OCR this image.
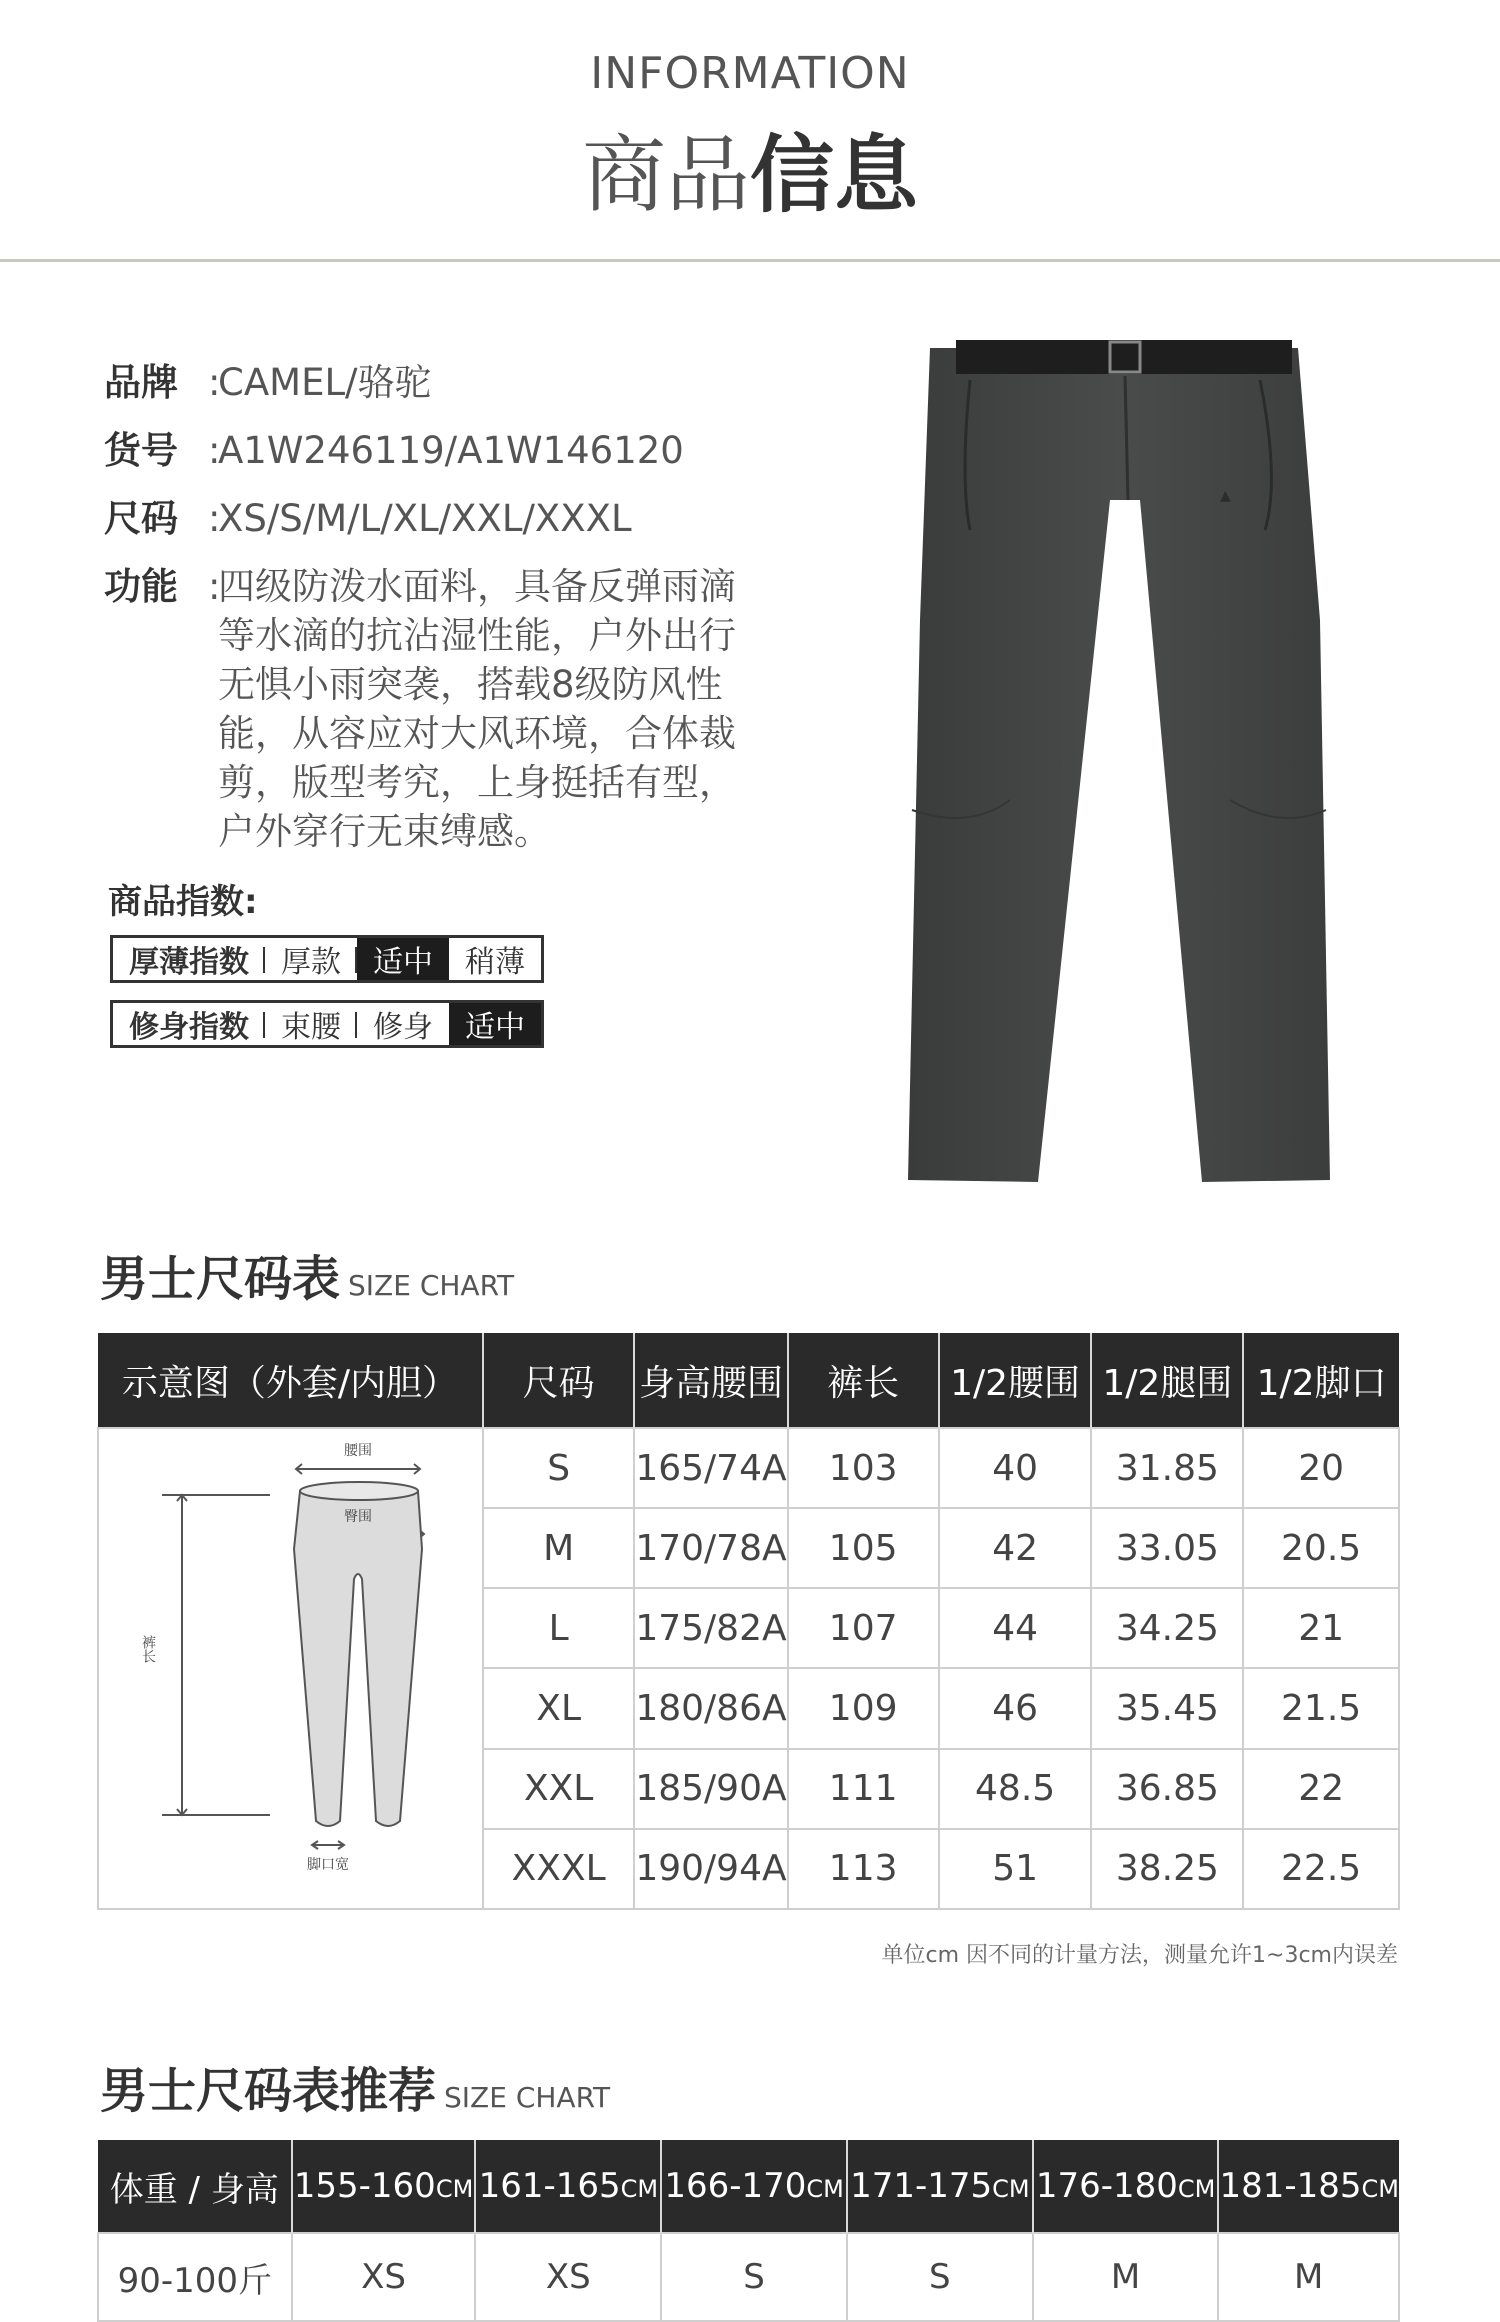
INFORMATION
商品信息
品牌 :
CAMEL/骆驼
货号 :
A1W246119/A1W146120
尺码 :
XS/S/M/L/XL/XXL/XXXL
功能 :
四级防泼水面料，具备反弹雨滴
等水滴的抗沾湿性能，户外出行
无惧小雨突袭，搭载8级防风性
能，从容应对大风环境，合体裁
剪，版型考究，上身挺括有型，
户外穿行无束缚感。
商品指数:
厚薄指数	厚款	适中	稍薄
修身指数	束腰	修身	适中
▲
男士尺码表 SIZE CHART
示意图（外套/内胆）	尺码	身高腰围	裤长	1/2腰围	1/2腿围	1/2脚口

腰围
臀围
裤长
脚口宽	S	165/74A	103	40	31.85	20
	M	170/78A	105	42	33.05	20.5
	L	175/82A	107	44	34.25	21
	XL	180/86A	109	46	35.45	21.5
	XXL	185/90A	111	48.5	36.85	22
	XXXL	190/94A	113	51	38.25	22.5
单位cm 因不同的计量方法，测量允许1~3cm内误差
男士尺码表推荐 SIZE CHART
体重 / 身高	155-160CM	161-165CM	166-170CM	171-175CM	176-180CM	181-185CM
90-100斤	XS	XS	S	S	M	M
